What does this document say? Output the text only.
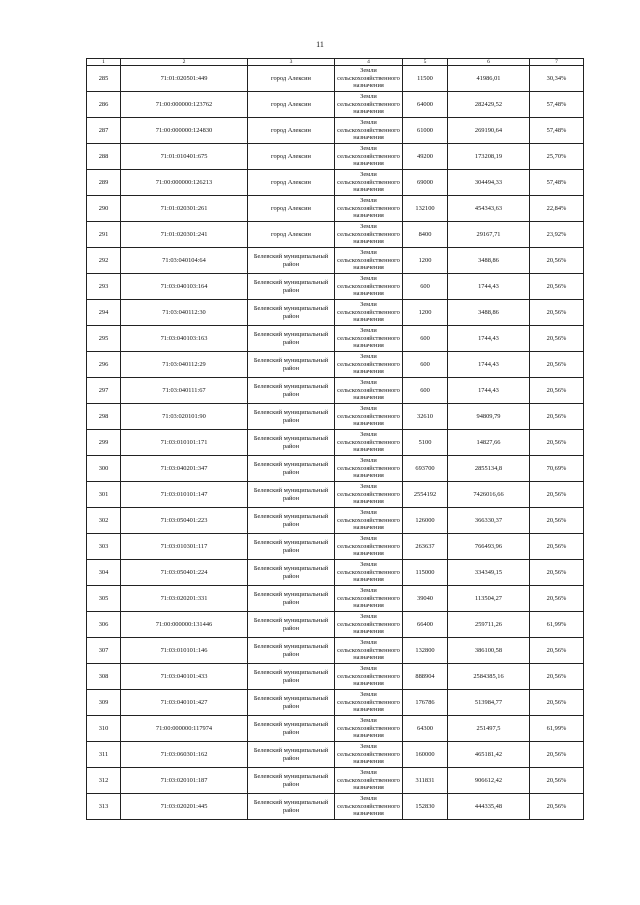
11
1	2	3	4	5	6	7
285	71:01:020501:449	город Алексин	Земли сельскохозяйственного назначения	11500	41986,01	30,34%
286	71:00:000000:123762	город Алексин	Земли сельскохозяйственного назначения	64000	282429,52	57,48%
287	71:00:000000:124830	город Алексин	Земли сельскохозяйственного назначения	61000	269190,64	57,48%
288	71:01:010401:675	город Алексин	Земли сельскохозяйственного назначения	49200	173208,19	25,70%
289	71:00:000000:126213	город Алексин	Земли сельскохозяйственного назначения	69000	304494,33	57,48%
290	71:01:020301:261	город Алексин	Земли сельскохозяйственного назначения	132100	454343,63	22,84%
291	71:01:020301:241	город Алексин	Земли сельскохозяйственного назначения	8400	29167,71	23,92%
292	71:03:040104:64	Белевский муниципальный район	Земли сельскохозяйственного назначения	1200	3488,86	20,56%
293	71:03:040103:164	Белевский муниципальный район	Земли сельскохозяйственного назначения	600	1744,43	20,56%
294	71:03:040112:30	Белевский муниципальный район	Земли сельскохозяйственного назначения	1200	3488,86	20,56%
295	71:03:040103:163	Белевский муниципальный район	Земли сельскохозяйственного назначения	600	1744,43	20,56%
296	71:03:040112:29	Белевский муниципальный район	Земли сельскохозяйственного назначения	600	1744,43	20,56%
297	71:03:040111:67	Белевский муниципальный район	Земли сельскохозяйственного назначения	600	1744,43	20,56%
298	71:03:020101:90	Белевский муниципальный район	Земли сельскохозяйственного назначения	32610	94809,79	20,56%
299	71:03:010101:171	Белевский муниципальный район	Земли сельскохозяйственного назначения	5100	14827,66	20,56%
300	71:03:040201:347	Белевский муниципальный район	Земли сельскохозяйственного назначения	693700	2855134,8	70,69%
301	71:03:010101:147	Белевский муниципальный район	Земли сельскохозяйственного назначения	2554192	7426016,66	20,56%
302	71:03:050401:223	Белевский муниципальный район	Земли сельскохозяйственного назначения	126000	366330,37	20,56%
303	71:03:010301:117	Белевский муниципальный район	Земли сельскохозяйственного назначения	263637	766493,96	20,56%
304	71:03:050401:224	Белевский муниципальный район	Земли сельскохозяйственного назначения	115000	334349,15	20,56%
305	71:03:020201:331	Белевский муниципальный район	Земли сельскохозяйственного назначения	39040	113504,27	20,56%
306	71:00:000000:131446	Белевский муниципальный район	Земли сельскохозяйственного назначения	66400	259711,26	61,99%
307	71:03:010101:146	Белевский муниципальный район	Земли сельскохозяйственного назначения	132800	386100,58	20,56%
308	71:03:040101:433	Белевский муниципальный район	Земли сельскохозяйственного назначения	888904	2584385,16	20,56%
309	71:03:040101:427	Белевский муниципальный район	Земли сельскохозяйственного назначения	176786	513984,77	20,56%
310	71:00:000000:117974	Белевский муниципальный район	Земли сельскохозяйственного назначения	64300	251497,5	61,99%
311	71:03:060301:162	Белевский муниципальный район	Земли сельскохозяйственного назначения	160000	465181,42	20,56%
312	71:03:020101:187	Белевский муниципальный район	Земли сельскохозяйственного назначения	311831	906612,42	20,56%
313	71:03:020201:445	Белевский муниципальный район	Земли сельскохозяйственного назначения	152830	444335,48	20,56%
